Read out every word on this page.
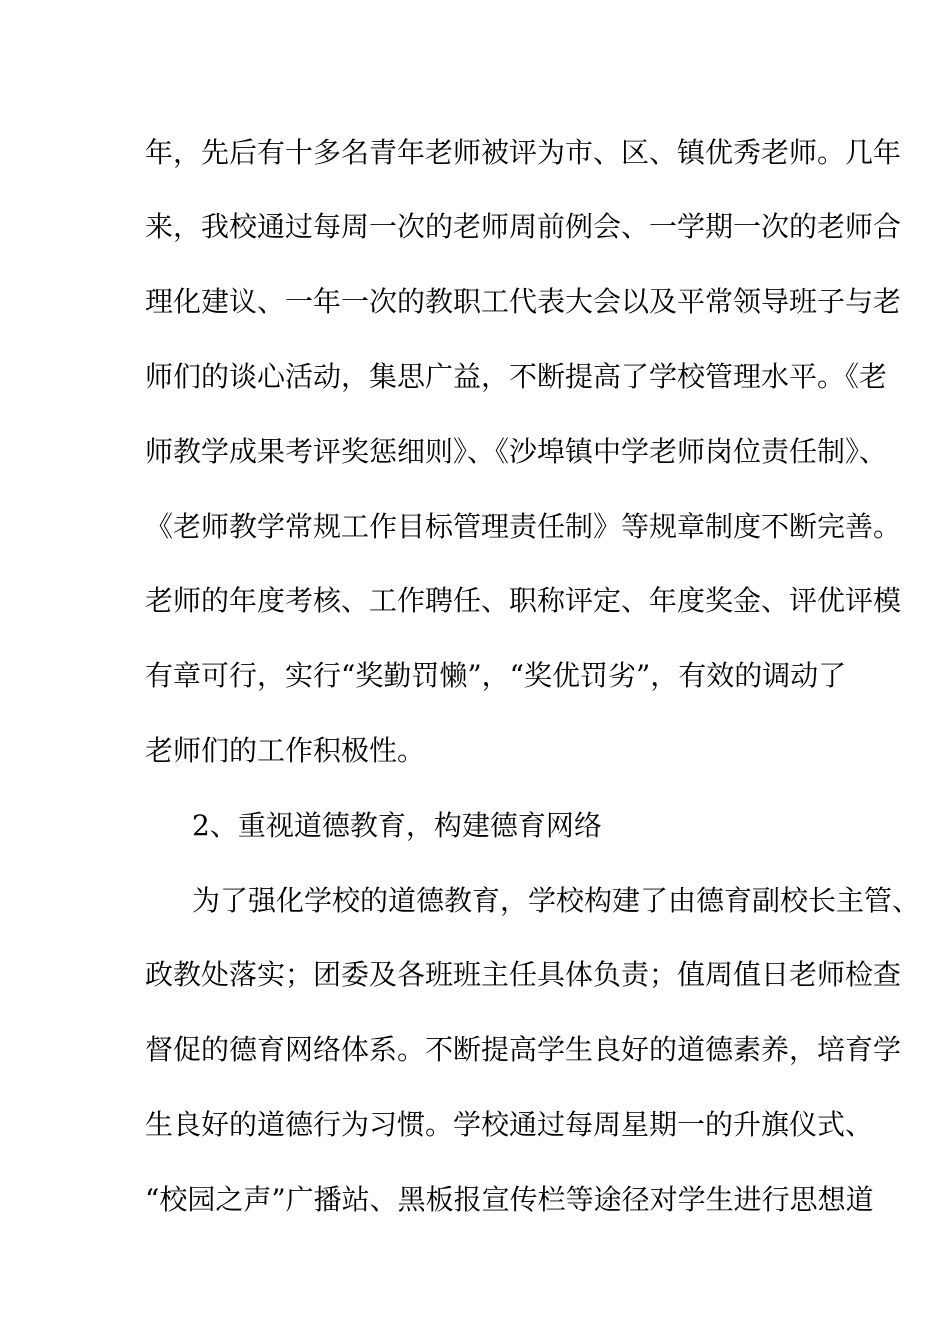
年，先后有十多名青年老师被评为市、区、镇优秀老师。几年
来，我校通过每周一次的老师周前例会、一学期一次的老师合
理化建议、一年一次的教职工代表大会以及平常领导班子与老
师们的谈心活动，集思广益，不断提高了学校管理水平。《老
师教学成果考评奖惩细则》、《沙埠镇中学老师岗位责任制》、
《老师教学常规工作目标管理责任制》等规章制度不断完善。
老师的年度考核、工作聘任、职称评定、年度奖金、评优评模
有章可行，实行“奖勤罚懒”，“奖优罚劣”，有效的调动了
老师们的工作积极性。
2、重视道德教育，构建德育网络
为了强化学校的道德教育，学校构建了由德育副校长主管、
政教处落实；团委及各班班主任具体负责；值周值日老师检查
督促的德育网络体系。不断提高学生良好的道德素养，培育学
生良好的道德行为习惯。学校通过每周星期一的升旗仪式、
“校园之声”广播站、黑板报宣传栏等途径对学生进行思想道
